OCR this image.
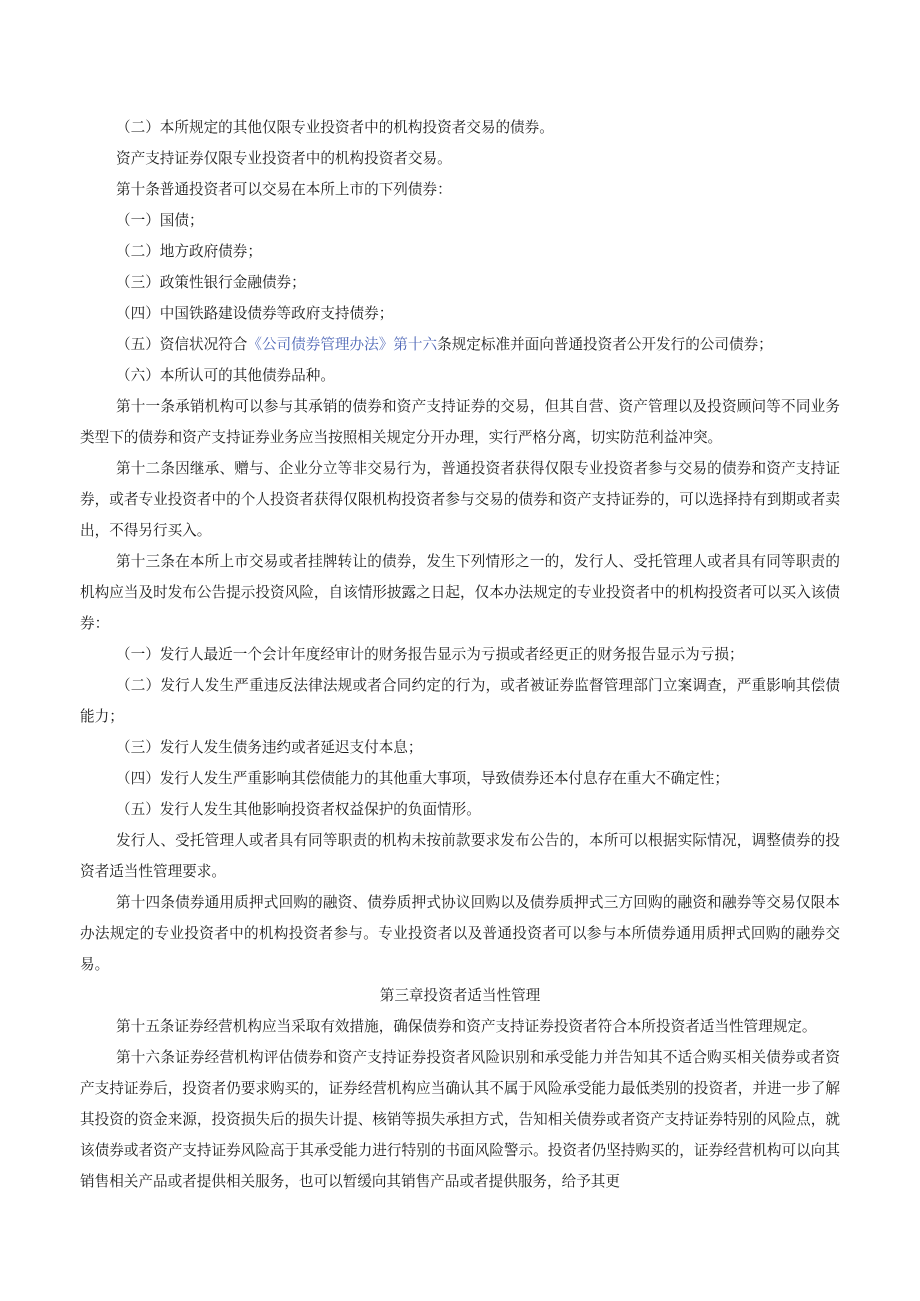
（二）本所规定的其他仅限专业投资者中的机构投资者交易的债券。

资产支持证券仅限专业投资者中的机构投资者交易。

第十条普通投资者可以交易在本所上市的下列债券：

（一）国债；

（二）地方政府债券；

（三）政策性银行金融债券；

（四）中国铁路建设债券等政府支持债券；

（五）资信状况符合《公司债券管理办法》第十六条规定标准并面向普通投资者公开发行的公司债券；

（六）本所认可的其他债券品种。

第十一条承销机构可以参与其承销的债券和资产支持证券的交易，但其自营、资产管理以及投资顾问等不同业务类型下的债券和资产支持证券业务应当按照相关规定分开办理，实行严格分离，切实防范利益冲突。

第十二条因继承、赠与、企业分立等非交易行为，普通投资者获得仅限专业投资者参与交易的债券和资产支持证券，或者专业投资者中的个人投资者获得仅限机构投资者参与交易的债券和资产支持证券的，可以选择持有到期或者卖出，不得另行买入。

第十三条在本所上市交易或者挂牌转让的债券，发生下列情形之一的，发行人、受托管理人或者具有同等职责的机构应当及时发布公告提示投资风险，自该情形披露之日起，仅本办法规定的专业投资者中的机构投资者可以买入该债券：

（一）发行人最近一个会计年度经审计的财务报告显示为亏损或者经更正的财务报告显示为亏损；

（二）发行人发生严重违反法律法规或者合同约定的行为，或者被证券监督管理部门立案调查，严重影响其偿债能力；

（三）发行人发生债务违约或者延迟支付本息；

（四）发行人发生严重影响其偿债能力的其他重大事项，导致债券还本付息存在重大不确定性；

（五）发行人发生其他影响投资者权益保护的负面情形。

发行人、受托管理人或者具有同等职责的机构未按前款要求发布公告的，本所可以根据实际情况，调整债券的投资者适当性管理要求。

第十四条债券通用质押式回购的融资、债券质押式协议回购以及债券质押式三方回购的融资和融券等交易仅限本办法规定的专业投资者中的机构投资者参与。专业投资者以及普通投资者可以参与本所债券通用质押式回购的融券交易。

第三章投资者适当性管理

第十五条证券经营机构应当采取有效措施，确保债券和资产支持证券投资者符合本所投资者适当性管理规定。

第十六条证券经营机构评估债券和资产支持证券投资者风险识别和承受能力并告知其不适合购买相关债券或者资产支持证券后，投资者仍要求购买的，证券经营机构应当确认其不属于风险承受能力最低类别的投资者，并进一步了解其投资的资金来源，投资损失后的损失计提、核销等损失承担方式，告知相关债券或者资产支持证券特别的风险点，就该债券或者资产支持证券风险高于其承受能力进行特别的书面风险警示。投资者仍坚持购买的，证券经营机构可以向其销售相关产品或者提供相关服务，也可以暂缓向其销售产品或者提供服务，给予其更
